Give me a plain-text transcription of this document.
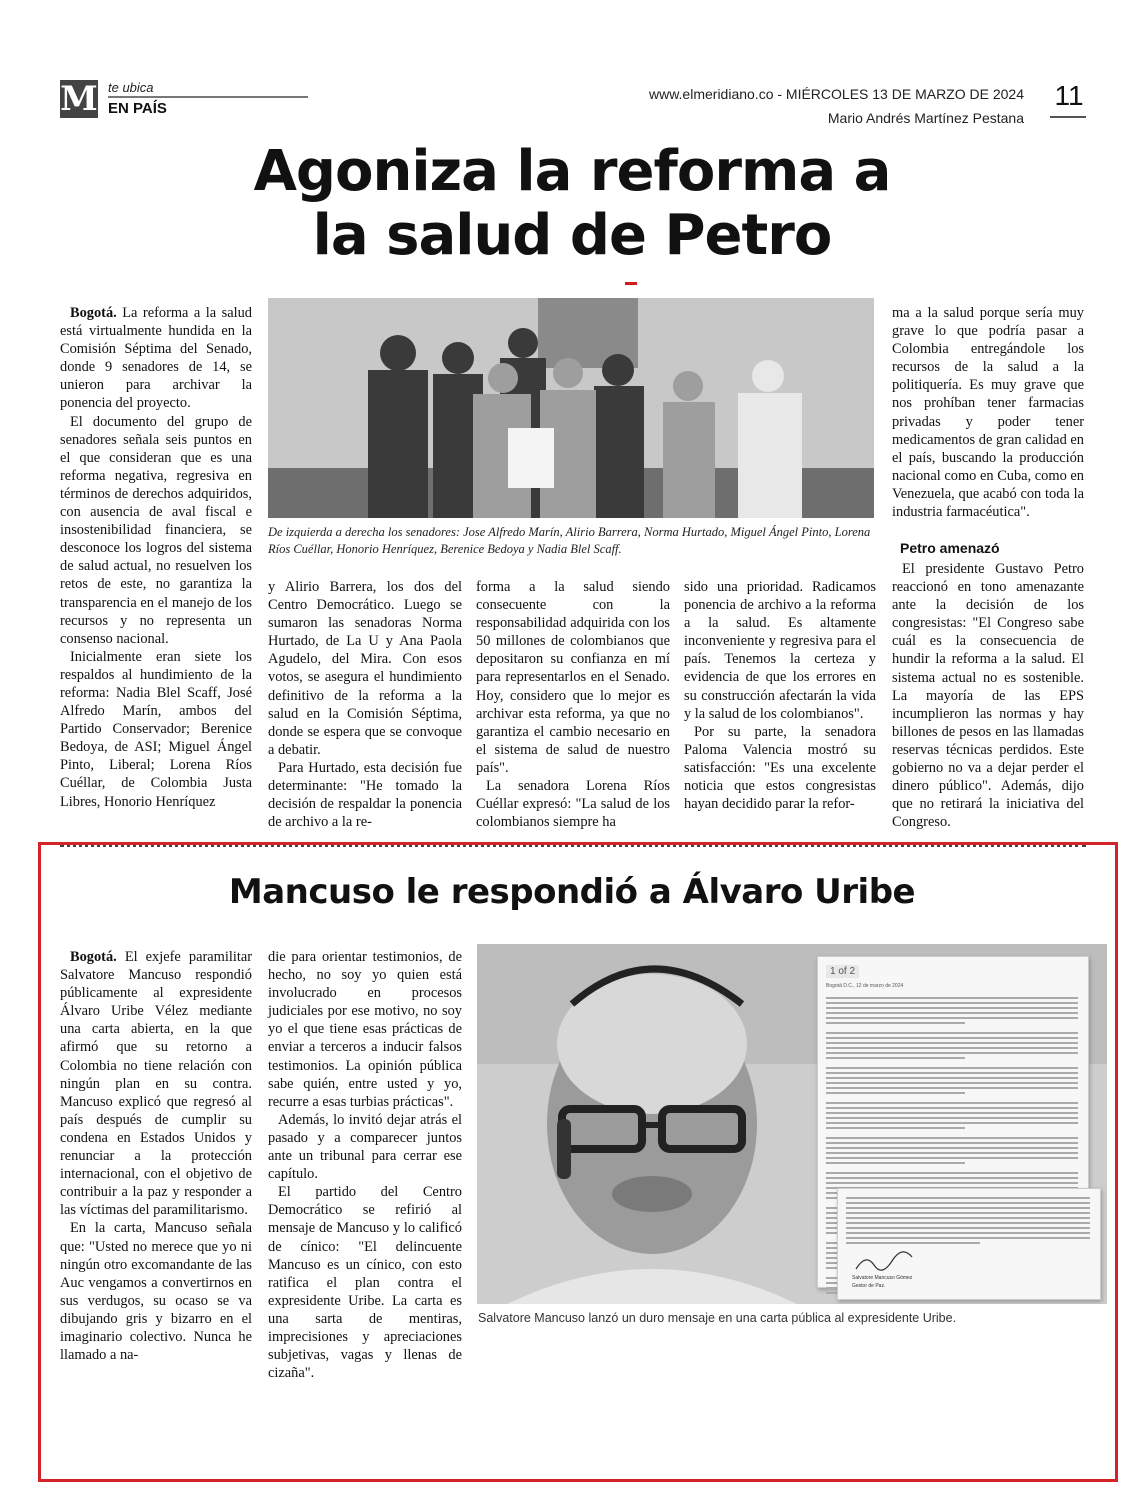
M te ubica
EN PAÍS
www.elmeridiano.co - MIÉRCOLES 13 DE MARZO DE 2024
Mario Andrés Martínez Pestana
11
Agoniza la reforma a
la salud de Petro

Bogotá. La reforma a la salud está virtualmente hundida en la Comisión Séptima del Senado, donde 9 senadores de 14, se unieron para archivar la ponencia del proyecto.

El documento del grupo de senadores señala seis puntos en el que consideran que es una reforma negativa, regresiva en términos de derechos adquiridos, con ausencia de aval fiscal e insostenibilidad financiera, se desconoce los logros del sistema de salud actual, no resuelven los retos de este, no garantiza la transparencia en el manejo de los recursos y no representa un consenso nacional.

Inicialmente eran siete los respaldos al hundimiento de la reforma: Nadia Blel Scaff, José Alfredo Marín, ambos del Partido Conservador; Berenice Bedoya, de ASI; Miguel Ángel Pinto, Liberal; Lorena Ríos Cuéllar, de Colombia Justa Libres, Honorio Henríquez

De izquierda a derecha los senadores: Jose Alfredo Marín, Alirio Barrera, Norma Hurtado, Miguel Ángel Pinto, Lorena Ríos Cuéllar, Honorio Henríquez, Berenice Bedoya y Nadia Blel Scaff.

y Alirio Barrera, los dos del Centro Democrático. Luego se sumaron las senadoras Norma Hurtado, de La U y Ana Paola Agudelo, del Mira. Con esos votos, se asegura el hundimiento definitivo de la reforma a la salud en la Comisión Séptima, donde se espera que se convoque a debatir.

Para Hurtado, esta decisión fue determinante: "He tomado la decisión de respaldar la ponencia de archivo a la re-

forma a la salud siendo consecuente con la responsabilidad adquirida con los 50 millones de colombianos que depositaron su confianza en mí para representarlos en el Senado. Hoy, considero que lo mejor es archivar esta reforma, ya que no garantiza el cambio necesario en el sistema de salud de nuestro país".

La senadora Lorena Ríos Cuéllar expresó: "La salud de los colombianos siempre ha

sido una prioridad. Radicamos ponencia de archivo a la reforma a la salud. Es altamente inconveniente y regresiva para el país. Tenemos la certeza y evidencia de que los errores en su construcción afectarán la vida y la salud de los colombianos".

Por su parte, la senadora Paloma Valencia mostró su satisfacción: "Es una excelente noticia que estos congresistas hayan decidido parar la refor-

ma a la salud porque sería muy grave lo que podría pasar a Colombia entregándole los recursos de la salud a la politiquería. Es muy grave que nos prohíban tener farmacias privadas y poder tener medicamentos de gran calidad en el país, buscando la producción nacional como en Cuba, como en Venezuela, que acabó con toda la industria farmacéutica".

Petro amenazó

El presidente Gustavo Petro reaccionó en tono amenazante ante la decisión de los congresistas: "El Congreso sabe cuál es la consecuencia de hundir la reforma a la salud. El sistema actual no es sostenible. La mayoría de las EPS incumplieron las normas y hay billones de pesos en las llamadas reservas técnicas perdidos. Este gobierno no va a dejar perder el dinero público". Además, dijo que no retirará la iniciativa del Congreso.

Mancuso le respondió a Álvaro Uribe

Bogotá. El exjefe paramilitar Salvatore Mancuso respondió públicamente al expresidente Álvaro Uribe Vélez mediante una carta abierta, en la que afirmó que su retorno a Colombia no tiene relación con ningún plan en su contra. Mancuso explicó que regresó al país después de cumplir su condena en Estados Unidos y renunciar a la protección internacional, con el objetivo de contribuir a la paz y responder a las víctimas del paramilitarismo.

En la carta, Mancuso señala que: "Usted no merece que yo ni ningún otro excomandante de las Auc vengamos a convertirnos en sus verdugos, su ocaso se va dibujando gris y bizarro en el imaginario colectivo. Nunca he llamado a na-

die para orientar testimonios, de hecho, no soy yo quien está involucrado en procesos judiciales por ese motivo, no soy yo el que tiene esas prácticas de enviar a terceros a inducir falsos testimonios. La opinión pública sabe quién, entre usted y yo, recurre a esas turbias prácticas".

Además, lo invitó dejar atrás el pasado y a comparecer juntos ante un tribunal para cerrar ese capítulo.

El partido del Centro Democrático se refirió al mensaje de Mancuso y lo calificó de cínico: "El delincuente Mancuso es un cínico, con esto ratifica el plan contra el expresidente Uribe. La carta es una sarta de mentiras, imprecisiones y apreciaciones subjetivas, vagas y llenas de cizaña".

1 of 2
Bogotá D.C., 12 de marzo de 2024
Salvatore Mancuso Gómez
Gestor de Paz.
Salvatore Mancuso lanzó un duro mensaje en una carta pública al expresidente Uribe.
